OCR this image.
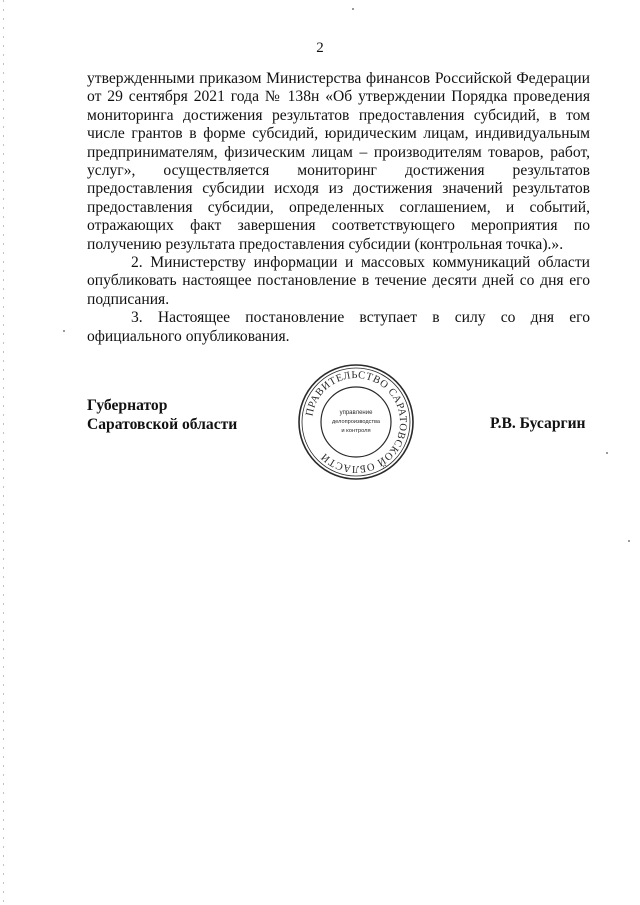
2

утвержденными приказом Министерства финансов Российской Федерации от 29 сентября 2021 года № 138н «Об утверждении Порядка проведения мониторинга достижения результатов предоставления субсидий, в том числе грантов в форме субсидий, юридическим лицам, индивидуальным предпринимателям, физическим лицам – производителям товаров, работ, услуг», осуществляется мониторинг достижения результатов предоставления субсидии исходя из достижения значений результатов предоставления субсидии, определенных соглашением, и событий, отражающих факт завершения соответствующего мероприятия по получению результата предоставления субсидии (контрольная точка).».

2. Министерству информации и массовых коммуникаций области опубликовать настоящее постановление в течение десяти дней со дня его подписания.

3. Настоящее постановление вступает в силу со дня его официального опубликования.

Губернатор
Саратовской области
ПРАВИТЕЛЬСТВО САРАТОВСКОЙ ОБЛАСТИ
управление
делопроизводства
и контроля	Р.В. Бусаргин
